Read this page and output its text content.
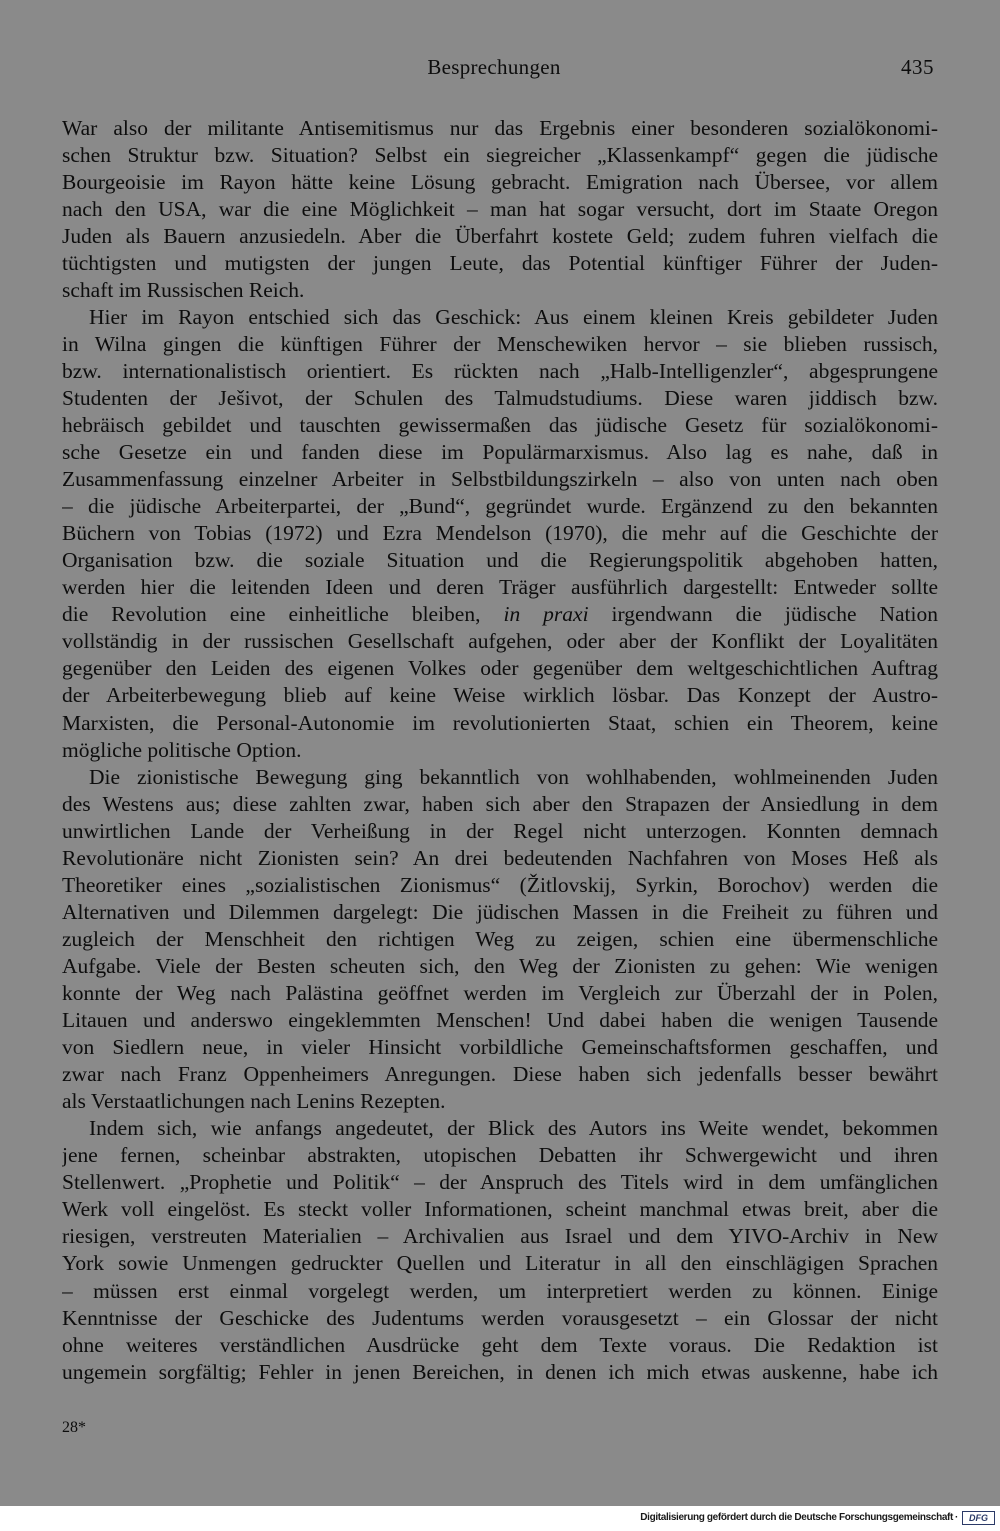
Besprechungen	435
War also der militante Antisemitismus nur das Ergebnis einer besonderen sozialökonomi-
schen Struktur bzw. Situation? Selbst ein siegreicher „Klassenkampf“ gegen die jüdische
Bourgeoisie im Rayon hätte keine Lösung gebracht. Emigration nach Übersee, vor allem
nach den USA, war die eine Möglichkeit – man hat sogar versucht, dort im Staate Oregon
Juden als Bauern anzusiedeln. Aber die Überfahrt kostete Geld; zudem fuhren vielfach die
tüchtigsten und mutigsten der jungen Leute, das Potential künftiger Führer der Juden-
schaft im Russischen Reich.
Hier im Rayon entschied sich das Geschick: Aus einem kleinen Kreis gebildeter Juden
in Wilna gingen die künftigen Führer der Menschewiken hervor – sie blieben russisch,
bzw. internationalistisch orientiert. Es rückten nach „Halb-Intelligenzler“, abgesprungene
Studenten der Ješivot, der Schulen des Talmudstudiums. Diese waren jiddisch bzw.
hebräisch gebildet und tauschten gewissermaßen das jüdische Gesetz für sozialökonomi-
sche Gesetze ein und fanden diese im Populärmarxismus. Also lag es nahe, daß in
Zusammenfassung einzelner Arbeiter in Selbstbildungszirkeln – also von unten nach oben
– die jüdische Arbeiterpartei, der „Bund“, gegründet wurde. Ergänzend zu den bekannten
Büchern von Tobias (1972) und Ezra Mendelson (1970), die mehr auf die Geschichte der
Organisation bzw. die soziale Situation und die Regierungspolitik abgehoben hatten,
werden hier die leitenden Ideen und deren Träger ausführlich dargestellt: Entweder sollte
die Revolution eine einheitliche bleiben, in praxi irgendwann die jüdische Nation
vollständig in der russischen Gesellschaft aufgehen, oder aber der Konflikt der Loyalitäten
gegenüber den Leiden des eigenen Volkes oder gegenüber dem weltgeschichtlichen Auftrag
der Arbeiterbewegung blieb auf keine Weise wirklich lösbar. Das Konzept der Austro-
Marxisten, die Personal-Autonomie im revolutionierten Staat, schien ein Theorem, keine
mögliche politische Option.
Die zionistische Bewegung ging bekanntlich von wohlhabenden, wohlmeinenden Juden
des Westens aus; diese zahlten zwar, haben sich aber den Strapazen der Ansiedlung in dem
unwirtlichen Lande der Verheißung in der Regel nicht unterzogen. Konnten demnach
Revolutionäre nicht Zionisten sein? An drei bedeutenden Nachfahren von Moses Heß als
Theoretiker eines „sozialistischen Zionismus“ (Žitlovskij, Syrkin, Borochov) werden die
Alternativen und Dilemmen dargelegt: Die jüdischen Massen in die Freiheit zu führen und
zugleich der Menschheit den richtigen Weg zu zeigen, schien eine übermenschliche
Aufgabe. Viele der Besten scheuten sich, den Weg der Zionisten zu gehen: Wie wenigen
konnte der Weg nach Palästina geöffnet werden im Vergleich zur Überzahl der in Polen,
Litauen und anderswo eingeklemmten Menschen! Und dabei haben die wenigen Tausende
von Siedlern neue, in vieler Hinsicht vorbildliche Gemeinschaftsformen geschaffen, und
zwar nach Franz Oppenheimers Anregungen. Diese haben sich jedenfalls besser bewährt
als Verstaatlichungen nach Lenins Rezepten.
Indem sich, wie anfangs angedeutet, der Blick des Autors ins Weite wendet, bekommen
jene fernen, scheinbar abstrakten, utopischen Debatten ihr Schwergewicht und ihren
Stellenwert. „Prophetie und Politik“ – der Anspruch des Titels wird in dem umfänglichen
Werk voll eingelöst. Es steckt voller Informationen, scheint manchmal etwas breit, aber die
riesigen, verstreuten Materialien – Archivalien aus Israel und dem YIVO-Archiv in New
York sowie Unmengen gedruckter Quellen und Literatur in all den einschlägigen Sprachen
– müssen erst einmal vorgelegt werden, um interpretiert werden zu können. Einige
Kenntnisse der Geschicke des Judentums werden vorausgesetzt – ein Glossar der nicht
ohne weiteres verständlichen Ausdrücke geht dem Texte voraus. Die Redaktion ist
ungemein sorgfältig; Fehler in jenen Bereichen, in denen ich mich etwas auskenne, habe ich
28*
Digitalisierung gefördert durch die Deutsche Forschungsgemeinschaft ·	DFG
